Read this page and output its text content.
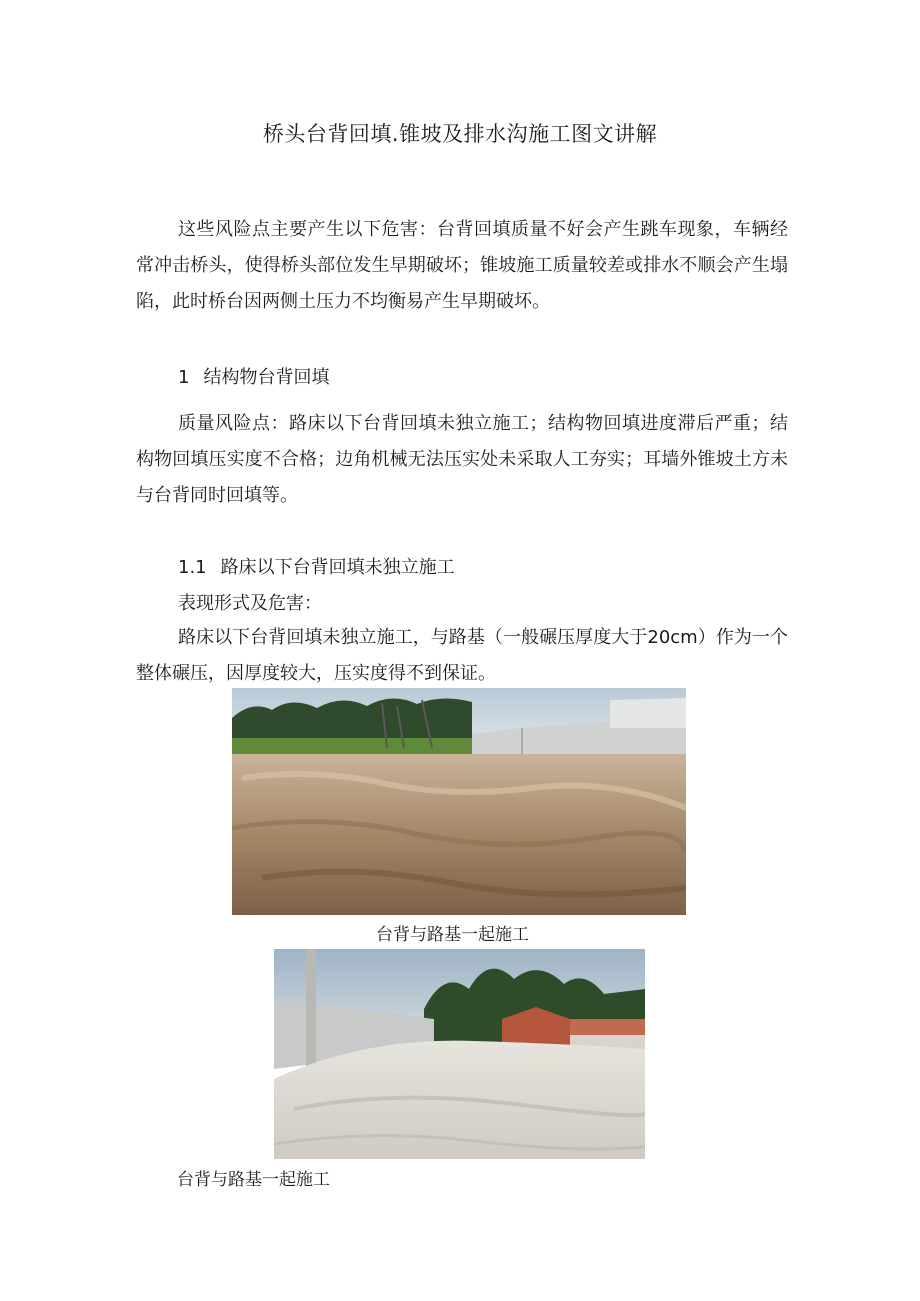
桥头台背回填.锥坡及排水沟施工图文讲解

这些风险点主要产生以下危害：台背回填质量不好会产生跳车现象，车辆经常冲击桥头，使得桥头部位发生早期破坏；锥坡施工质量较差或排水不顺会产生塌陷，此时桥台因两侧土压力不均衡易产生早期破坏。

1 结构物台背回填

质量风险点：路床以下台背回填未独立施工；结构物回填进度滞后严重；结构物回填压实度不合格；边角机械无法压实处未采取人工夯实；耳墙外锥坡土方未与台背同时回填等。

1.1 路床以下台背回填未独立施工
表现形式及危害：

路床以下台背回填未独立施工，与路基（一般碾压厚度大于20cm）作为一个整体碾压，因厚度较大，压实度得不到保证。

台背与路基一起施工
台背与路基一起施工
